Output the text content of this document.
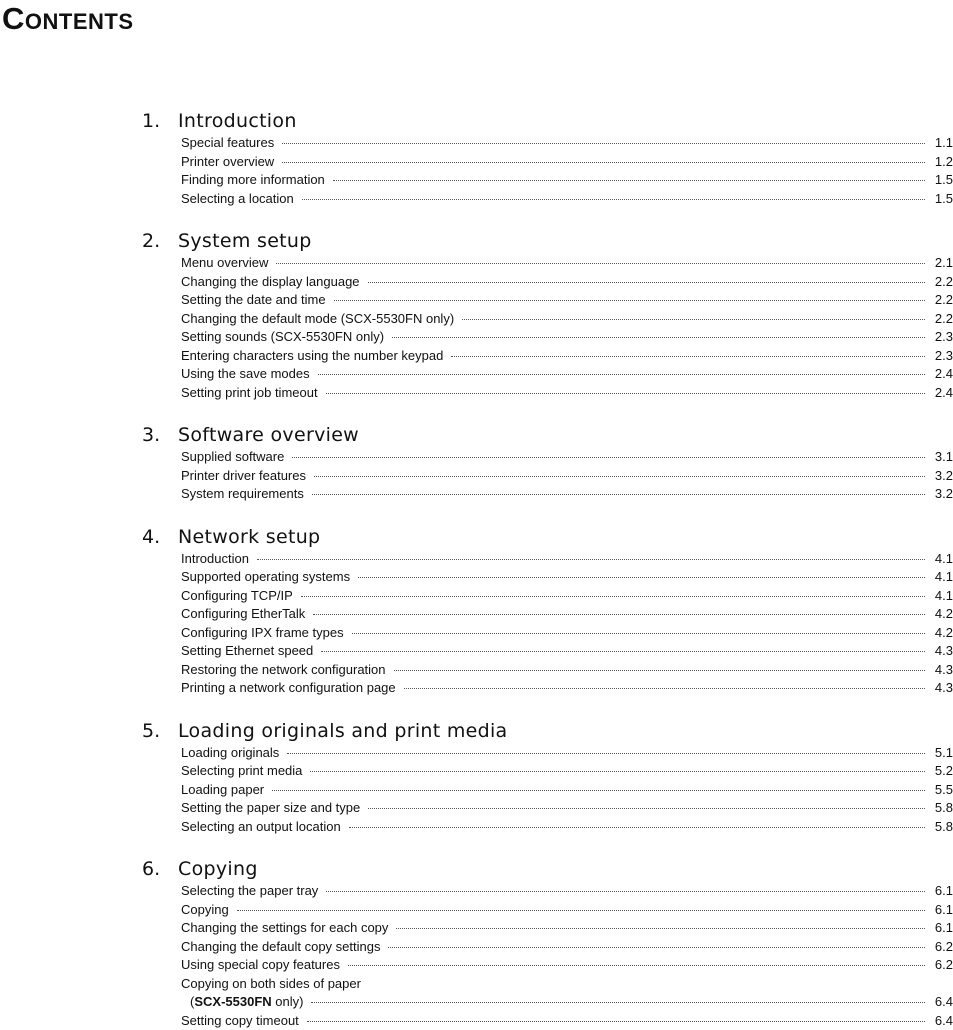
Contents
1. Introduction
Special features	1.1
Printer overview	1.2
Finding more information	1.5
Selecting a location	1.5
2. System setup
Menu overview	2.1
Changing the display language	2.2
Setting the date and time	2.2
Changing the default mode (SCX-5530FN only)	2.2
Setting sounds (SCX-5530FN only)	2.3
Entering characters using the number keypad	2.3
Using the save modes	2.4
Setting print job timeout	2.4
3. Software overview
Supplied software	3.1
Printer driver features	3.2
System requirements	3.2
4. Network setup
Introduction	4.1
Supported operating systems	4.1
Configuring TCP/IP	4.1
Configuring EtherTalk	4.2
Configuring IPX frame types	4.2
Setting Ethernet speed	4.3
Restoring the network configuration	4.3
Printing a network configuration page	4.3
5. Loading originals and print media
Loading originals	5.1
Selecting print media	5.2
Loading paper	5.5
Setting the paper size and type	5.8
Selecting an output location	5.8
6. Copying
Selecting the paper tray	6.1
Copying	6.1
Changing the settings for each copy	6.1
Changing the default copy settings	6.2
Using special copy features	6.2
Copying on both sides of paper
(SCX-5530FN only)	6.4
Setting copy timeout	6.4
